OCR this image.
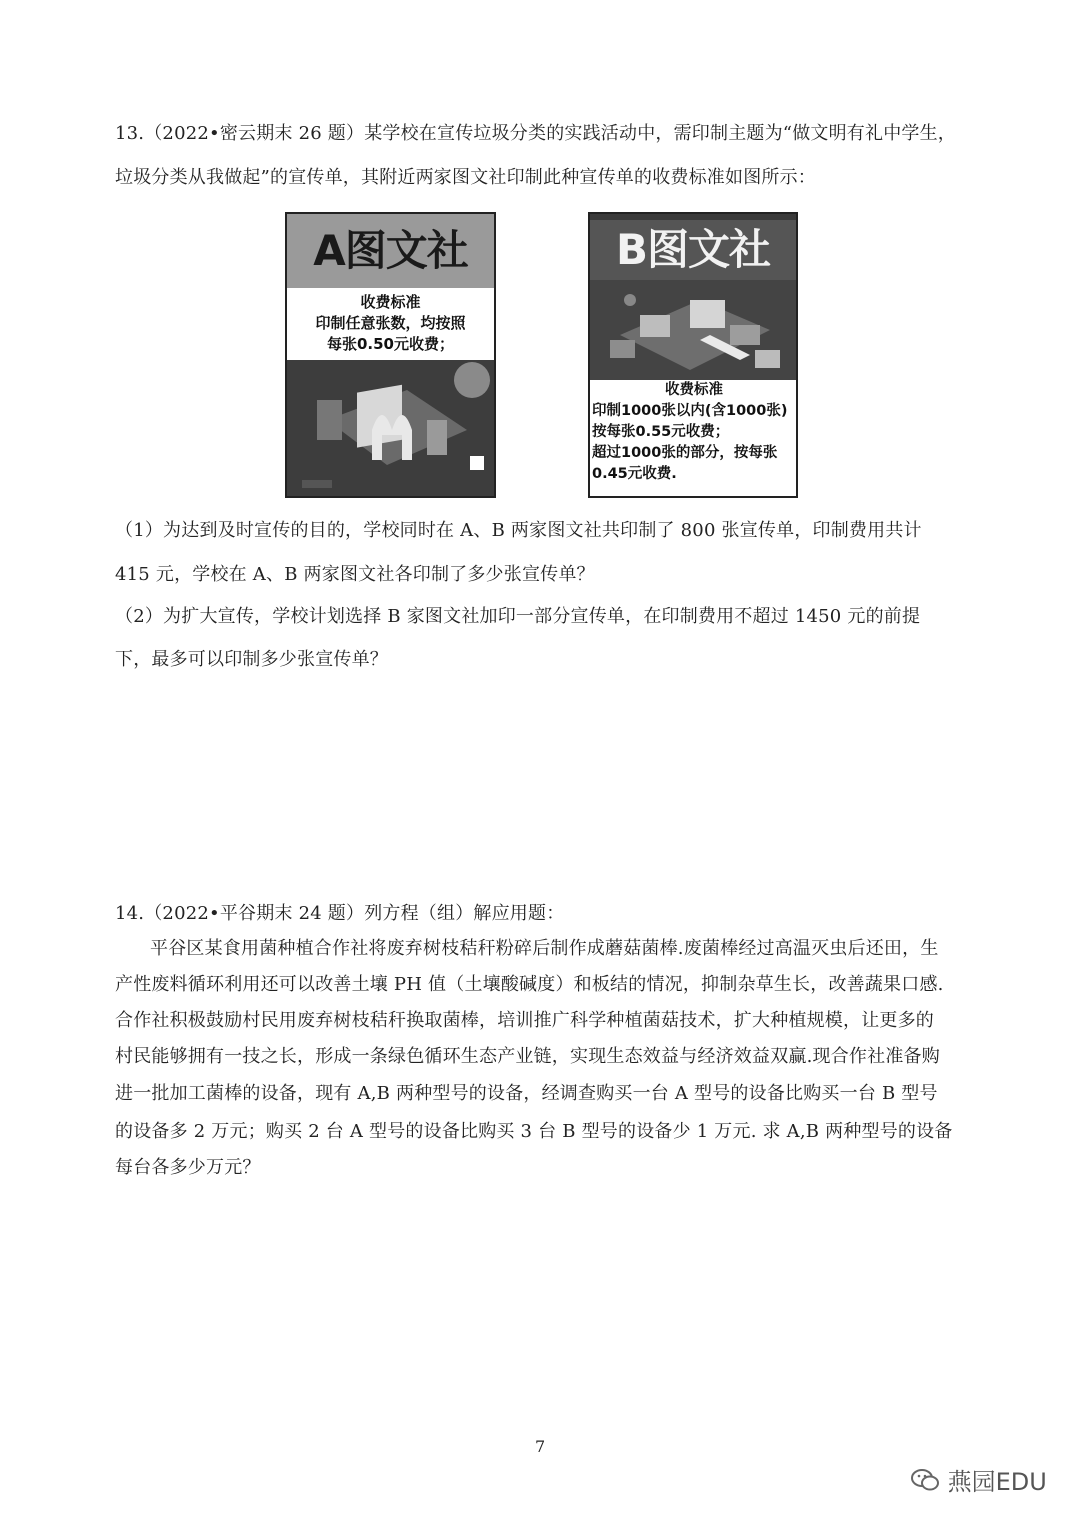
13.（2022•密云期末 26 题）某学校在宣传垃圾分类的实践活动中，需印制主题为“做文明有礼中学生，
垃圾分类从我做起”的宣传单，其附近两家图文社印制此种宣传单的收费标准如图所示：
A图文社
收费标准
印制任意张数，均按照
每张0.50元收费；
B图文社
收费标准
印制1000张以内(含1000张)
按每张0.55元收费；
超过1000张的部分，按每张
0.45元收费.
（1）为达到及时宣传的目的，学校同时在 A、B 两家图文社共印制了 800 张宣传单，印制费用共计
415 元，学校在 A、B 两家图文社各印制了多少张宣传单？
（2）为扩大宣传，学校计划选择 B 家图文社加印一部分宣传单，在印制费用不超过 1450 元的前提
下，最多可以印制多少张宣传单？
14.（2022•平谷期末 24 题）列方程（组）解应用题：
平谷区某食用菌种植合作社将废弃树枝秸秆粉碎后制作成蘑菇菌棒.废菌棒经过高温灭虫后还田，生
产性废料循环利用还可以改善土壤 PH 值（土壤酸碱度）和板结的情况，抑制杂草生长，改善蔬果口感.
合作社积极鼓励村民用废弃树枝秸秆换取菌棒，培训推广科学种植菌菇技术，扩大种植规模，让更多的
村民能够拥有一技之长，形成一条绿色循环生态产业链，实现生态效益与经济效益双赢.现合作社准备购
进一批加工菌棒的设备，现有 A,B 两种型号的设备，经调查购买一台 A 型号的设备比购买一台 B 型号
的设备多 2 万元；购买 2 台 A 型号的设备比购买 3 台 B 型号的设备少 1 万元. 求 A,B 两种型号的设备
每台各多少万元？
7
燕园EDU
